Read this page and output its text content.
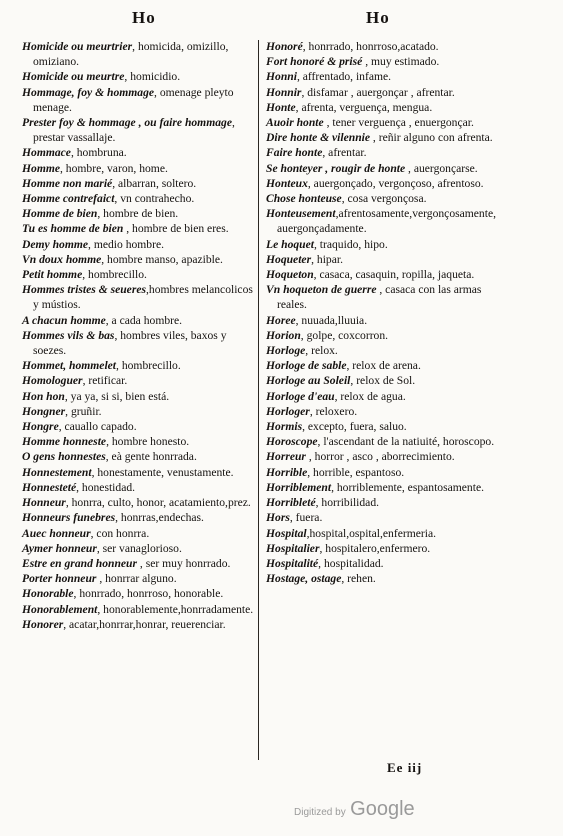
Ho	Ho

Homicide ou meurtrier, homicida, omizillo, omiziano.

Homicide ou meurtre, homicidio.

Hommage, foy & hommage, omenage pleyto menage.

Prester foy & hommage , ou faire hommage, prestar vassallaje.

Hommace, hombruna.

Homme, hombre, varon, home.

Homme non marié, albarran, soltero.

Homme contrefaict, vn contrahecho.

Homme de bien, hombre de bien.

Tu es homme de bien , hombre de bien eres.

Demy homme, medio hombre.

Vn doux homme, hombre manso, apazible.

Petit homme, hombrecillo.

Hommes tristes & seueres,hombres melancolicos y mústios.

A chacun homme, a cada hombre.

Hommes vils & bas, hombres viles, baxos y soezes.

Hommet, hommelet, hombrecillo.

Homologuer, retificar.

Hon hon, ya ya, si si, bien está.

Hongner, gruñir.

Hongre, cauallo capado.

Homme honneste, hombre honesto.

O gens honnestes, eà gente honrrada.

Honnestement, honestamente, venustamente.

Honnesteté, honestidad.

Honneur, honrra, culto, honor, acatamiento,prez.

Honneurs funebres, honrras,endechas.

Auec honneur, con honrra.

Aymer honneur, ser vanaglorioso.

Estre en grand honneur , ser muy honrrado.

Porter honneur , honrrar alguno.

Honorable, honrrado, honrroso, honorable.

Honorablement, honorablemente,honrradamente.

Honorer, acatar,honrrar,honrar, reuerenciar.

Honoré, honrrado, honrroso,acatado.

Fort honoré & prisé , muy estimado.

Honni, affrentado, infame.

Honnir, disfamar , auergonçar , afrentar.

Honte, afrenta, verguença, mengua.

Auoir honte , tener verguença , enuergonçar.

Dire honte & vilennie , reñir alguno con afrenta.

Faire honte, afrentar.

Se honteyer , rougir de honte , auergonçarse.

Honteux, auergonçado, vergonçoso, afrentoso.

Chose honteuse, cosa vergonçosa.

Honteusement,afrentosamente,vergonçosamente, auergonçadamente.

Le hoquet, traquido, hipo.

Hoqueter, hipar.

Hoqueton, casaca, casaquin, ropilla, jaqueta.

Vn hoqueton de guerre , casaca con las armas reales.

Horee, nuuada,lluuia.

Horion, golpe, coxcorron.

Horloge, relox.

Horloge de sable, relox de arena.

Horloge au Soleil, relox de Sol.

Horloge d'eau, relox de agua.

Horloger, reloxero.

Hormis, excepto, fuera, saluo.

Horoscope, l'ascendant de la natiuité, horoscopo.

Horreur , horror , asco , aborrecimiento.

Horrible, horrible, espantoso.

Horriblement, horriblemente, espantosamente.

Horribleté, horribilidad.

Hors, fuera.

Hospital,hospital,ospital,enfermeria.

Hospitalier, hospitalero,enfermero.

Hospitalité, hospitalidad.

Hostage, ostage, rehen.

Ee iij
Digitized by Google
